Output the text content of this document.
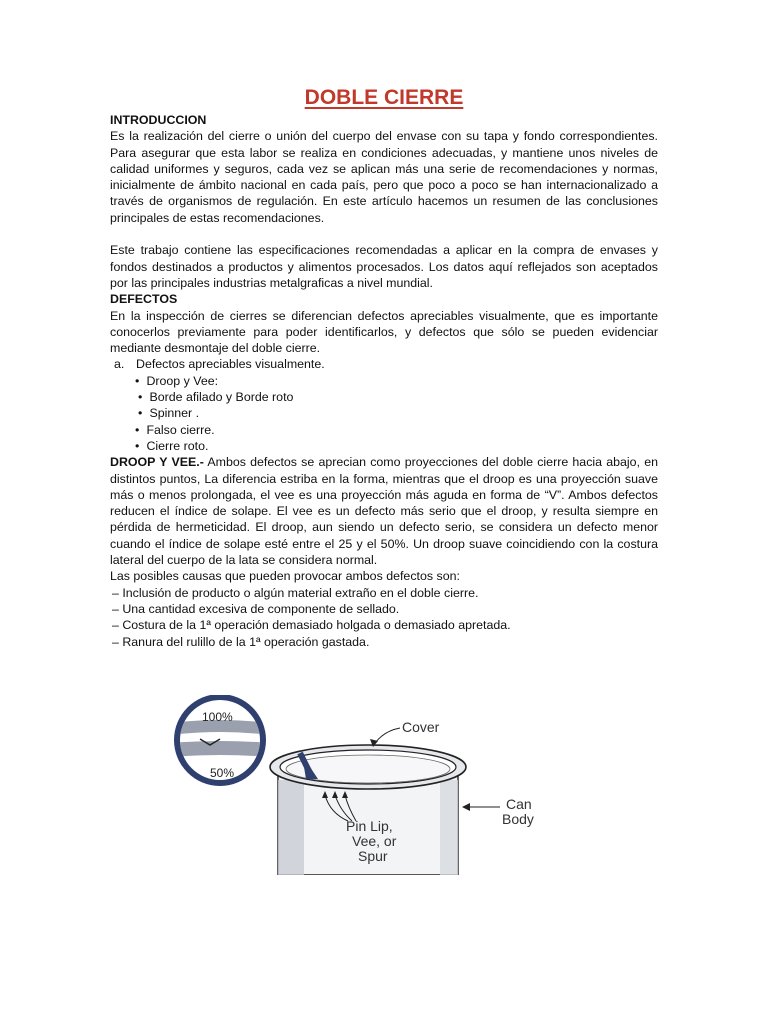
DOBLE CIERRE

INTRODUCCION

Es la realización del cierre o unión del cuerpo del envase con su tapa y fondo correspondientes. Para asegurar que esta labor se realiza en condiciones adecuadas, y mantiene unos niveles de calidad uniformes y seguros, cada vez se aplican más una serie de recomendaciones y normas, inicialmente de ámbito nacional en cada país, pero que poco a poco se han internacionalizado a través de organismos de regulación. En este artículo hacemos un resumen de las conclusiones principales de estas recomendaciones.

Este trabajo contiene las especificaciones recomendadas a aplicar en la compra de envases y fondos destinados a productos y alimentos procesados. Los datos aquí reflejados son aceptados por las principales industrias metalgraficas a nivel mundial.

DEFECTOS

En la inspección de cierres se diferencian defectos apreciables visualmente, que es importante conocerlos previamente para poder identificarlos, y defectos que sólo se pueden evidenciar mediante desmontaje del doble cierre.

a. Defectos apreciables visualmente.
• Droop y Vee:
• Borde afilado y Borde roto
• Spinner .
• Falso cierre.
• Cierre roto.

DROOP Y VEE.- Ambos defectos se aprecian como proyecciones del doble cierre hacia abajo, en distintos puntos, La diferencia estriba en la forma, mientras que el droop es una proyección suave más o menos prolongada, el vee es una proyección más aguda en forma de “V”. Ambos defectos reducen el índice de solape. El vee es un defecto más serio que el droop, y resulta siempre en pérdida de hermeticidad. El droop, aun siendo un defecto serio, se considera un defecto menor cuando el índice de solape esté entre el 25 y el 50%. Un droop suave coincidiendo con la costura lateral del cuerpo de la lata se considera normal.

Las posibles causas que pueden provocar ambos defectos son:

– Inclusión de producto o algún material extraño en el doble cierre.
– Una cantidad excesiva de componente de sellado.
– Costura de la 1ª operación demasiado holgada o demasiado apretada.
– Ranura del rulillo de la 1ª operación gastada.
100%
50%
Cover
Can
Body
Pin Lip,
Vee, or
Spur
